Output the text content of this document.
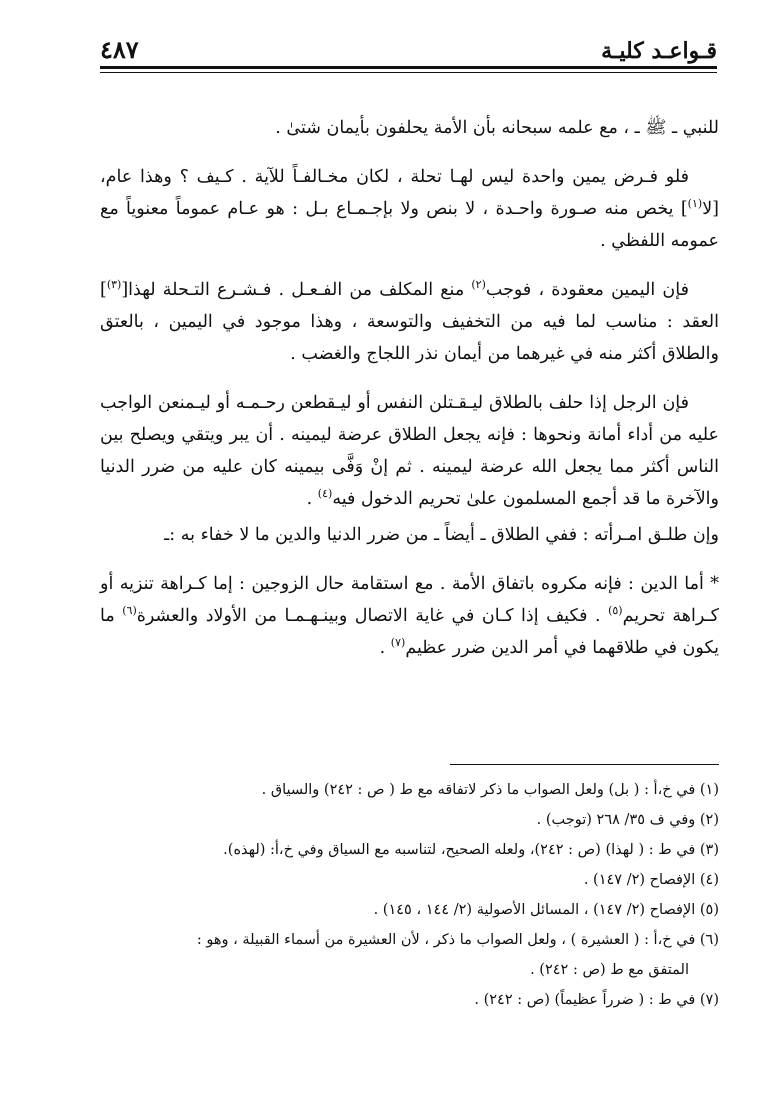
٤٨٧	قـواعـد كليـة

للنبي ـ ﷺ ـ ، مع علمه سبحانه بأن الأمة يحلفون بأيمان شتىٰ .

فلو فـرض يمين واحدة ليس لهـا تحلة ، لكان مخـالفـاً للآية . كـيف ؟ وهذا عام، [لا$^{(١)}$] يخص منه صـورة واحـدة ، لا بنص ولا بإجـمـاع بـل : هو عـام عموماً معنوياً مع عمومه اللفظي .

فإن اليمين معقودة ، فوجب$^{(٢)}$ منع المكلف من الفـعـل . فـشـرع التـحلة لهذا[$^{(٣)}$] العقد : مناسب لما فيه من التخفيف والتوسعة ، وهذا موجود في اليمين ، بالعتق والطلاق أكثر منه في غيرهما من أيمان نذر اللجاج والغضب .

فإن الرجل إذا حلف بالطلاق ليـقـتلن النفس أو ليـقطعن رحـمـه أو ليـمنعن الواجب عليه من أداء أمانة ونحوها : فإنه يجعل الطلاق عرضة ليمينه . أن يبر ويتقي ويصلح بين الناس أكثر مما يجعل الله عرضة ليمينه . ثم إنْ وَفَّى بيمينه كان عليه من ضرر الدنيا والآخرة ما قد أجمع المسلمون علىٰ تحريم الدخول فيه$^{(٤)}$ .

وإن طلـق امـرأته : ففي الطلاق ـ أيضاً ـ من ضرر الدنيا والدين ما لا خفاء به :ـ

* أما الدين : فإنه مكروه باتفاق الأمة . مع استقامة حال الزوجين : إما كـراهة تنزيه أو كـراهة تحريم$^{(٥)}$ . فكيف إذا كـان في غاية الاتصال وبينـهـمـا من الأولاد والعشرة$^{(٦)}$ ما يكون في طلاقهما في أمر الدين ضرر عظيم$^{(٧)}$ .

(١) في خ،أ : ( بل) ولعل الصواب ما ذكر لاتفاقه مع ط ( ص : ٢٤٢) والسياق .

(٢) وفي ف ٣٥/ ٢٦٨ (توجب) .

(٣) في ط : ( لهذا) (ص : ٢٤٢)، ولعله الصحيح، لتناسبه مع السياق وفي خ،أ: (لهذه).

(٤) الإفصاح (٢/ ١٤٧) .

(٥) الإفصاح (٢/ ١٤٧) ، المسائل الأصولية (٢/ ١٤٤ ، ١٤٥) .

(٦) في خ،أ : ( العشيرة ) ، ولعل الصواب ما ذكر ، لأن العشيرة من أسماء القبيلة ، وهو :

المتفق مع ط (ص : ٢٤٢) .

(٧) في ط : ( ضرراً عظيماً) (ص : ٢٤٢) .
